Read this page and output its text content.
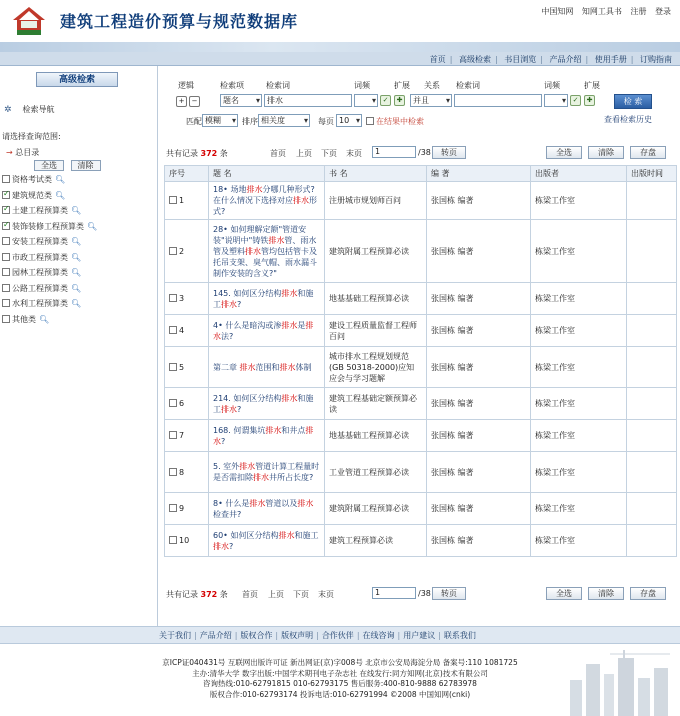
建筑工程造价预算与规范数据库
中国知网 知网工具书 注册 登录
首页 | 高级检索 | 书目浏览 | 产品介绍 | 使用手册 | 订购指南
高级检索
✲ 检索导航
请选择查询范围:
→ 总目录
全选	清除
资格考试类 🔍︎
✓建筑规范类 🔍︎
✓土建工程预算类 🔍︎
✓装饰装修工程预算类 🔍︎
安装工程预算类 🔍︎
市政工程预算类 🔍︎
园林工程预算类 🔍︎
公路工程预算类 🔍︎
水利工程预算类 🔍︎
其他类 🔍︎
逻辑	检索项	检索词	词频	扩展 关系 检索词	词频	扩展
+	−	题名 ▾	排水 ▾	✓	✚	并且 ▾ ▾	✓	✚	检 索
匹配 模糊 ▾	排序 相关度 ▾	每页 10 ▾	在结果中检索	查看检索历史
共有记录 372 条	首页 上页 下页 末页	1	/38	转页	全选	清除	存盘
序号	题 名	书 名	编 著	出版者	出版时间
1	18• 场地排水分哪几种形式?在什么情况下选择对应排水形式?	注册城市规划师百问	张国栋 编著	栋梁工作室	
2	28• 如何理解定额"管道安装"说明中"铸铁排水管、雨水管及塑料排水管均包括管卡及托吊支架、臭气帽、雨水漏斗制作安装的含义?"	建筑附属工程预算必读	张国栋 编著	栋梁工作室	
3	145. 如何区分结构排水和施工排水?	地基基础工程预算必读	张国栋 编著	栋梁工作室	
4	4• 什么是暗沟或渗排水是排水法?	建设工程质量监督工程师百问	张国栋 编著	栋梁工作室	
5	第二章 排水范围和排水体制	城市排水工程规划规范(GB 50318-2000)应知应会与学习题解	张国栋 编著	栋梁工作室	
6	214. 如何区分结构排水和施工排水?	建筑工程基础定额预算必读	张国栋 编著	栋梁工作室	
7	168. 何谓集坑排水和井点排水?	地基基础工程预算必读	张国栋 编著	栋梁工作室	
8	5. 室外排水管道计算工程量时是否需扣除排水井所占长度?	工业管道工程预算必读	张国栋 编著	栋梁工作室	
9	8• 什么是排水管道以及排水检查井?	建筑附属工程预算必读	张国栋 编著	栋梁工作室	
10	60• 如何区分结构排水和施工排水?	建筑工程预算必读	张国栋 编著	栋梁工作室	
共有记录 372 条 首页 上页 下页 末页	1	/38	转页	全选	清除	存盘
关于我们 | 产品介绍 | 版权合作 | 版权声明 | 合作伙伴 | 在线咨询 | 用户建议 | 联系我们
京ICP证040431号 互联网出版许可证 新出网证(京)字008号 北京市公安局海淀分局 备案号:110 1081725
主办:清华大学 数字出版:中国学术期刊电子杂志社 在线发行:同方知网(北京)技术有限公司
咨询热线:010-62791815 010-62793175 售后服务:400-810-9888 62783978
版权合作:010-62793174 投诉电话:010-62791994 ©2008 中国知网(cnki)
